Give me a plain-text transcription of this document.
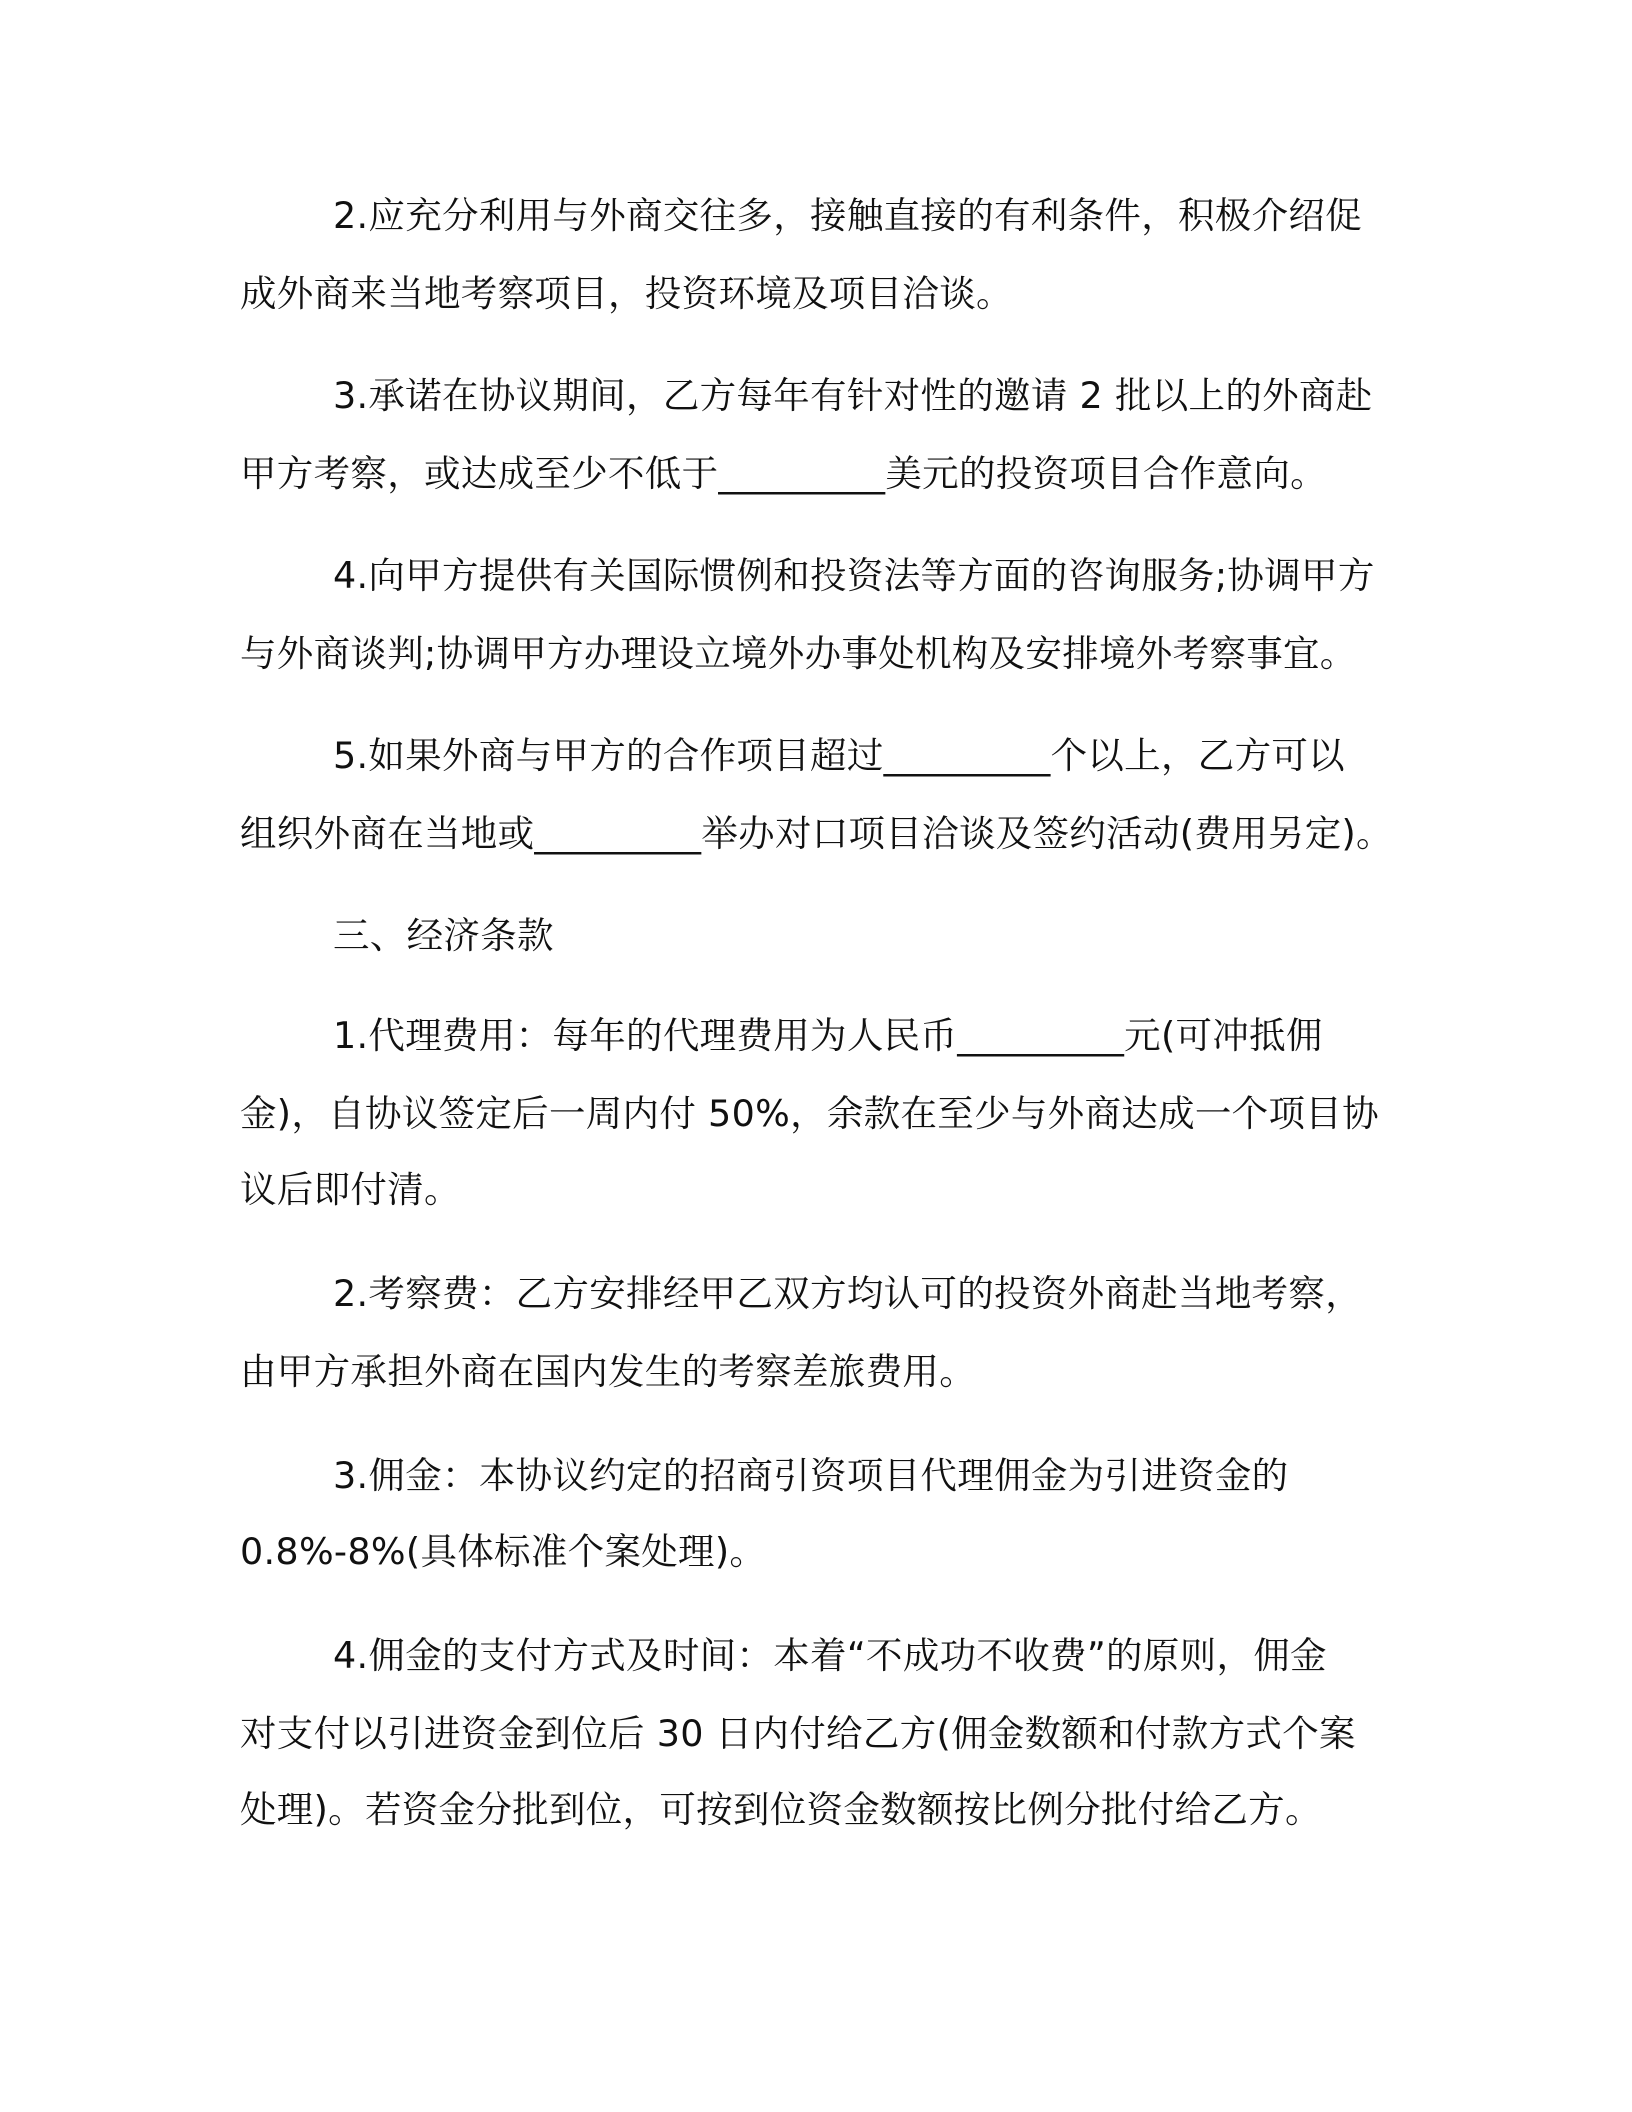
2.应充分利用与外商交往多，接触直接的有利条件，积极介绍促
成外商来当地考察项目，投资环境及项目洽谈。
3.承诺在协议期间，乙方每年有针对性的邀请 2 批以上的外商赴
甲方考察，或达成至少不低于_________美元的投资项目合作意向。
4.向甲方提供有关国际惯例和投资法等方面的咨询服务;协调甲方
与外商谈判;协调甲方办理设立境外办事处机构及安排境外考察事宜。
5.如果外商与甲方的合作项目超过_________个以上，乙方可以
组织外商在当地或_________举办对口项目洽谈及签约活动(费用另定)。
三、经济条款
1.代理费用：每年的代理费用为人民币_________元(可冲抵佣
金)，自协议签定后一周内付 50%，余款在至少与外商达成一个项目协
议后即付清。
2.考察费：乙方安排经甲乙双方均认可的投资外商赴当地考察，
由甲方承担外商在国内发生的考察差旅费用。
3.佣金：本协议约定的招商引资项目代理佣金为引进资金的
0.8%-8%(具体标准个案处理)。
4.佣金的支付方式及时间：本着“不成功不收费”的原则，佣金
对支付以引进资金到位后 30 日内付给乙方(佣金数额和付款方式个案
处理)。若资金分批到位，可按到位资金数额按比例分批付给乙方。
